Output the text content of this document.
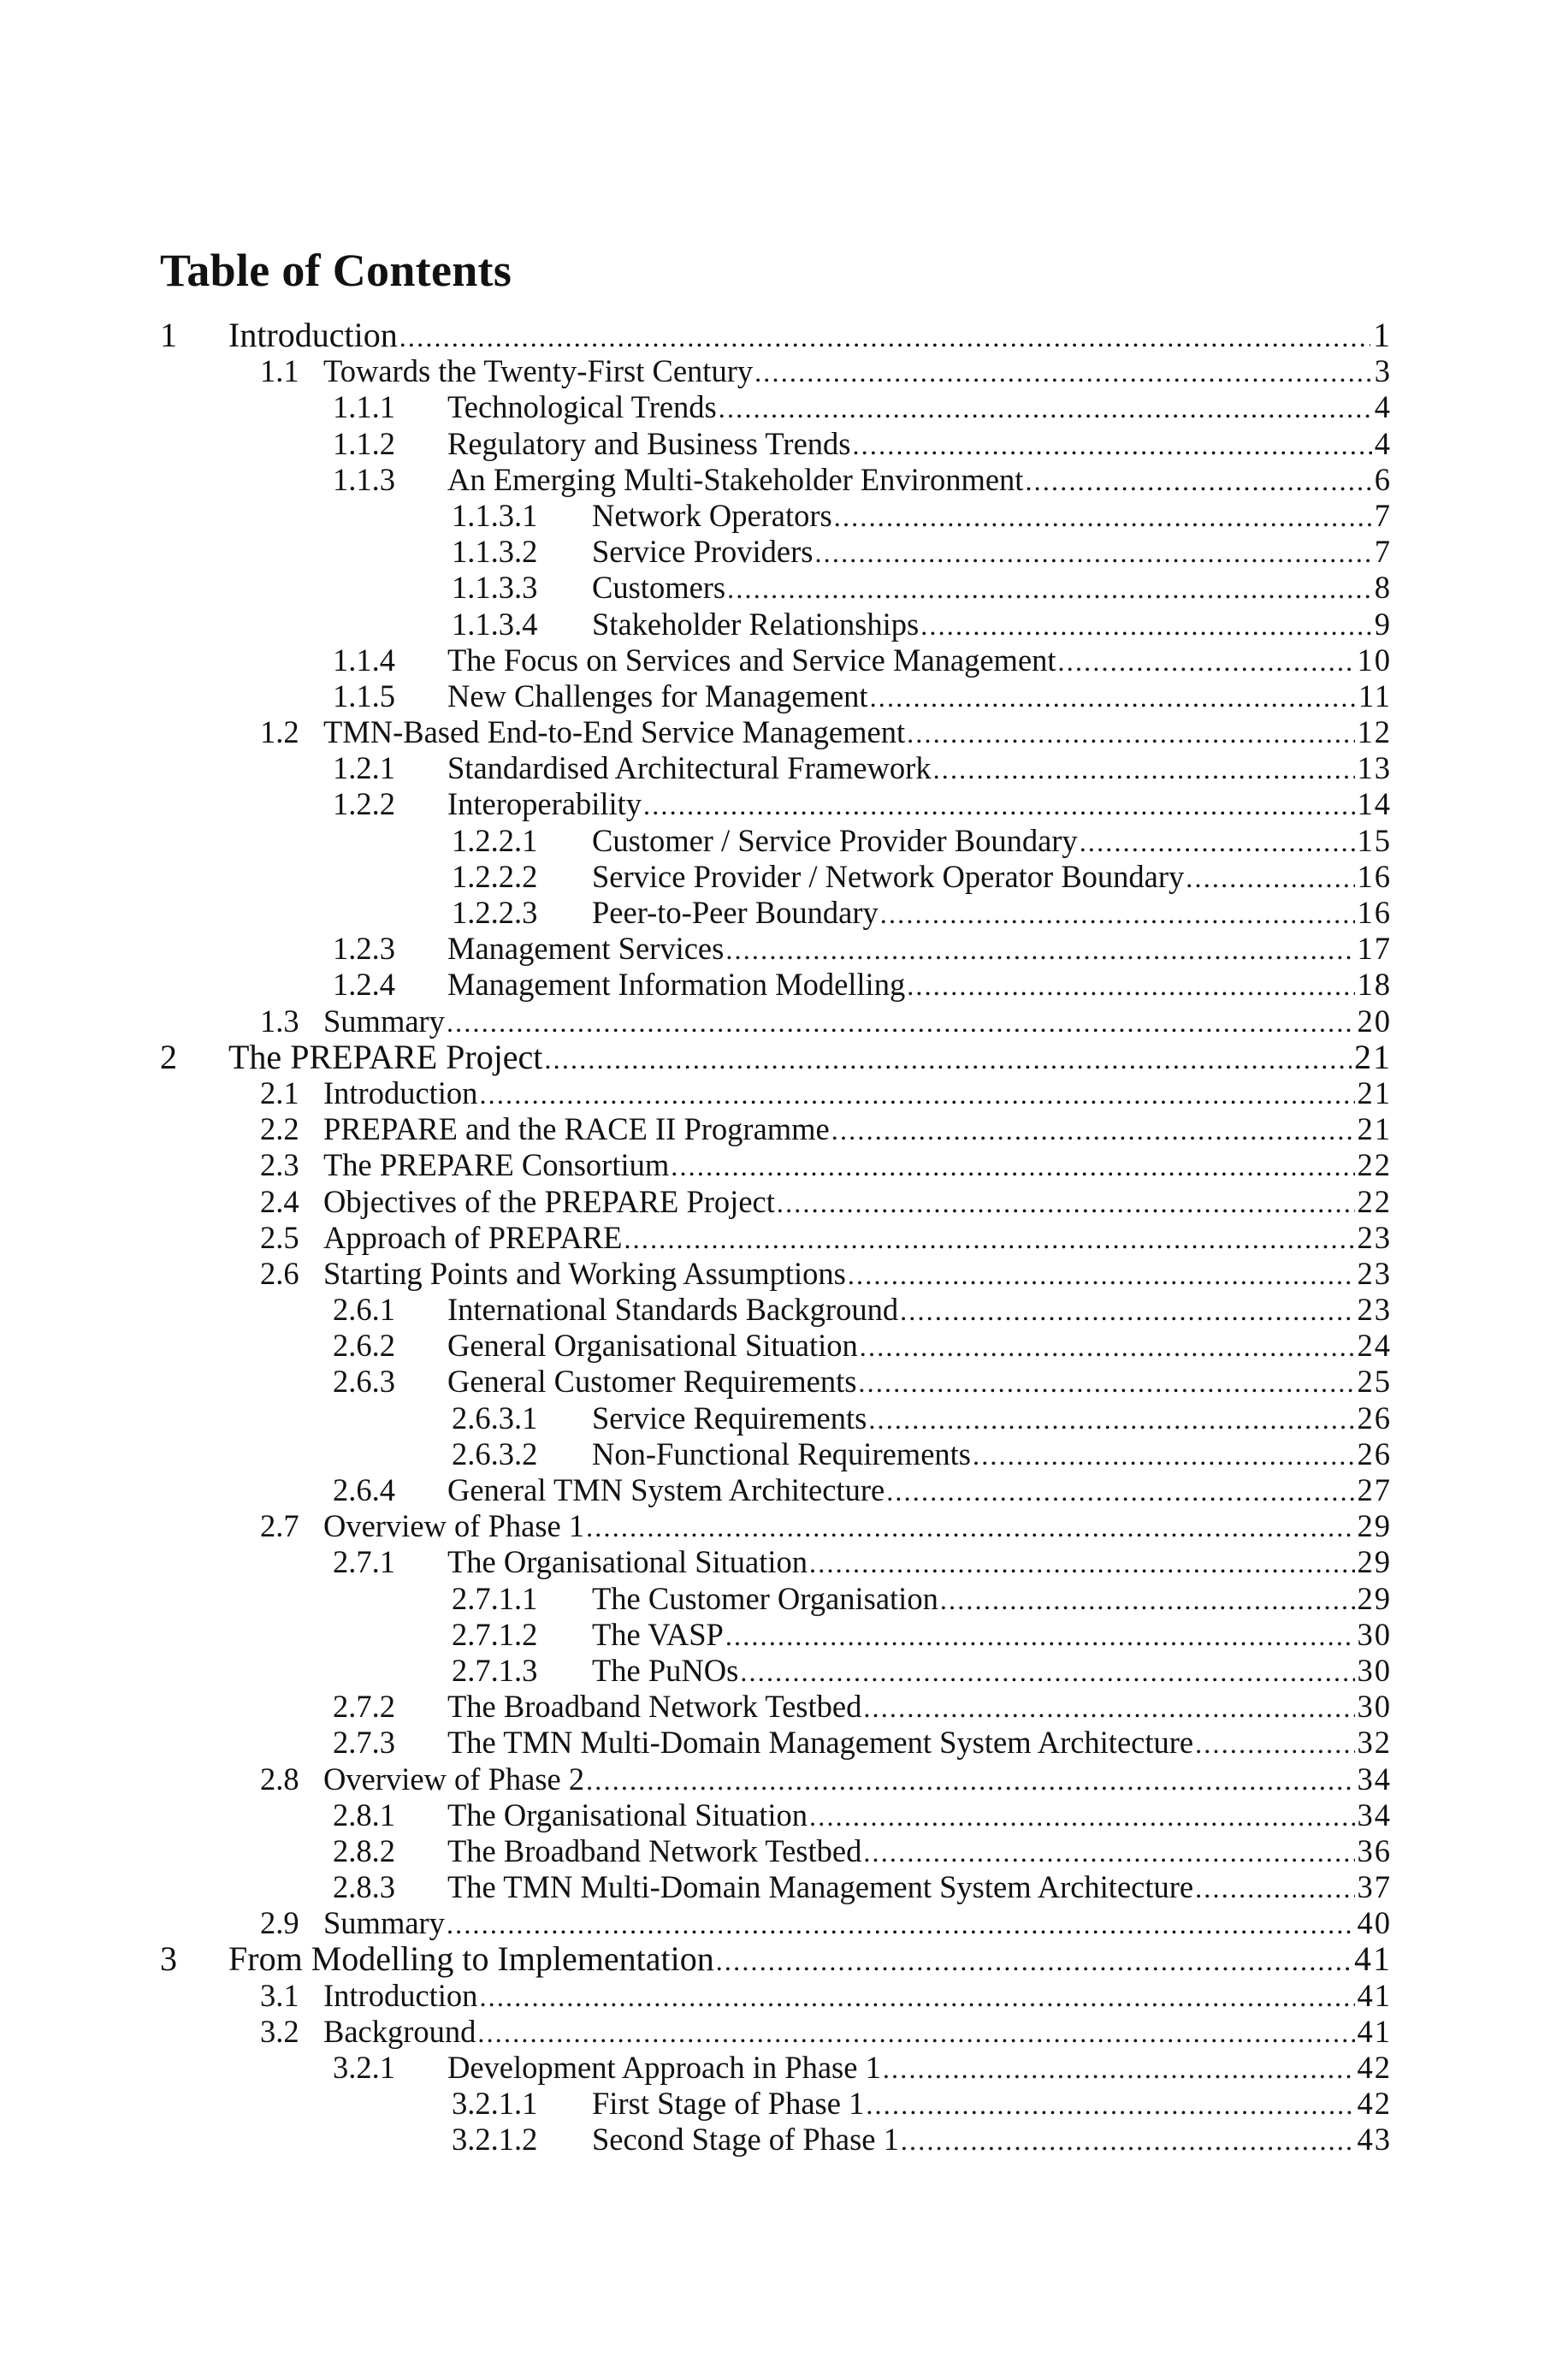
Table of Contents
1 Introduction .....	1
1.1 Towards the Twenty-First Century .....	3
1.1.1 Technological Trends .....	4
1.1.2 Regulatory and Business Trends .....	4
1.1.3 An Emerging Multi-Stakeholder Environment .....	6
1.1.3.1 Network Operators .....	7
1.1.3.2 Service Providers .....	7
1.1.3.3 Customers .....	8
1.1.3.4 Stakeholder Relationships .....	9
1.1.4 The Focus on Services and Service Management .....	10
1.1.5 New Challenges for Management .....	11
1.2 TMN-Based End-to-End Service Management .....	12
1.2.1 Standardised Architectural Framework .....	13
1.2.2 Interoperability .....	14
1.2.2.1 Customer / Service Provider Boundary .....	15
1.2.2.2 Service Provider / Network Operator Boundary .....	16
1.2.2.3 Peer-to-Peer Boundary .....	16
1.2.3 Management Services .....	17
1.2.4 Management Information Modelling .....	18
1.3 Summary .....	20
2 The PREPARE Project .....	21
2.1 Introduction .....	21
2.2 PREPARE and the RACE II Programme .....	21
2.3 The PREPARE Consortium .....	22
2.4 Objectives of the PREPARE Project .....	22
2.5 Approach of PREPARE .....	23
2.6 Starting Points and Working Assumptions .....	23
2.6.1 International Standards Background .....	23
2.6.2 General Organisational Situation .....	24
2.6.3 General Customer Requirements .....	25
2.6.3.1 Service Requirements .....	26
2.6.3.2 Non-Functional Requirements .....	26
2.6.4 General TMN System Architecture .....	27
2.7 Overview of Phase 1 .....	29
2.7.1 The Organisational Situation .....	29
2.7.1.1 The Customer Organisation .....	29
2.7.1.2 The VASP .....	30
2.7.1.3 The PuNOs .....	30
2.7.2 The Broadband Network Testbed .....	30
2.7.3 The TMN Multi-Domain Management System Architecture .....	32
2.8 Overview of Phase 2 .....	34
2.8.1 The Organisational Situation .....	34
2.8.2 The Broadband Network Testbed .....	36
2.8.3 The TMN Multi-Domain Management System Architecture .....	37
2.9 Summary .....	40
3 From Modelling to Implementation .....	41
3.1 Introduction .....	41
3.2 Background .....	41
3.2.1 Development Approach in Phase 1 .....	42
3.2.1.1 First Stage of Phase 1 .....	42
3.2.1.2 Second Stage of Phase 1 .....	43
